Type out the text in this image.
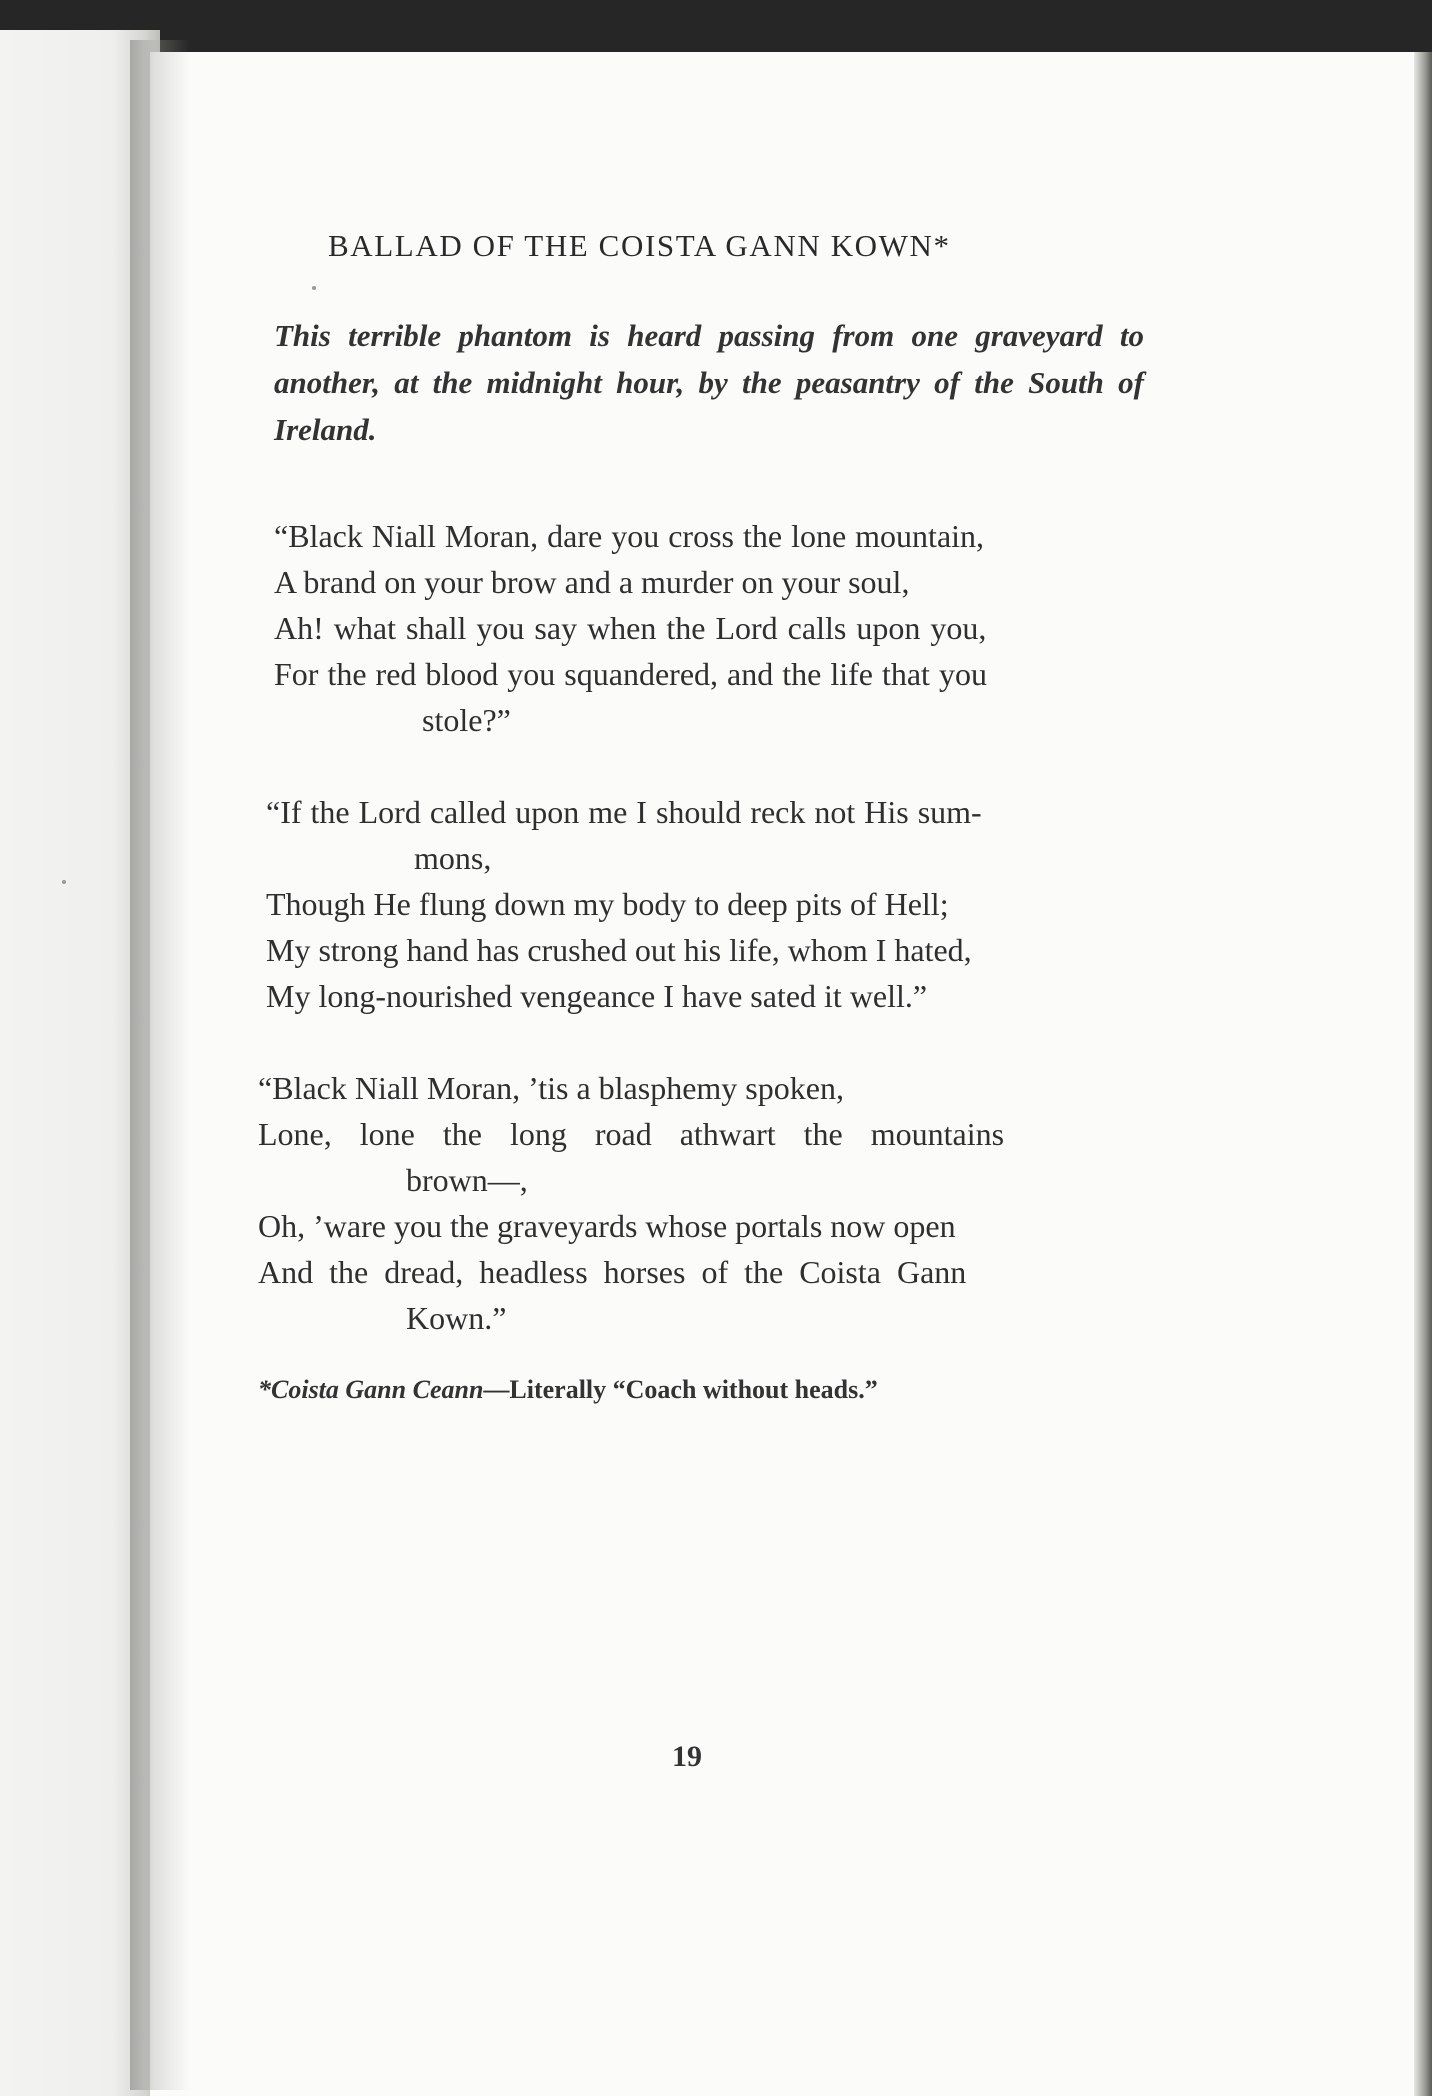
BALLAD OF THE COISTA GANN KOWN*
This terrible phantom is heard passing from one graveyard to another, at the midnight hour, by the peasantry of the South of Ireland.
“Black Niall Moran, dare you cross the lone mountain,
A brand on your brow and a murder on your soul,
Ah! what shall you say when the Lord calls upon you,
For the red blood you squandered, and the life that you
stole?”
“If the Lord called upon me I should reck not His sum-
mons,
Though He flung down my body to deep pits of Hell;
My strong hand has crushed out his life, whom I hated,
My long-nourished vengeance I have sated it well.”
“Black Niall Moran, ’tis a blasphemy spoken,
Lone, lone the long road athwart the mountains
brown—,
Oh, ’ware you the graveyards whose portals now open
And the dread, headless horses of the Coista Gann
Kown.”
*Coista Gann Ceann—Literally “Coach without heads.”
19
